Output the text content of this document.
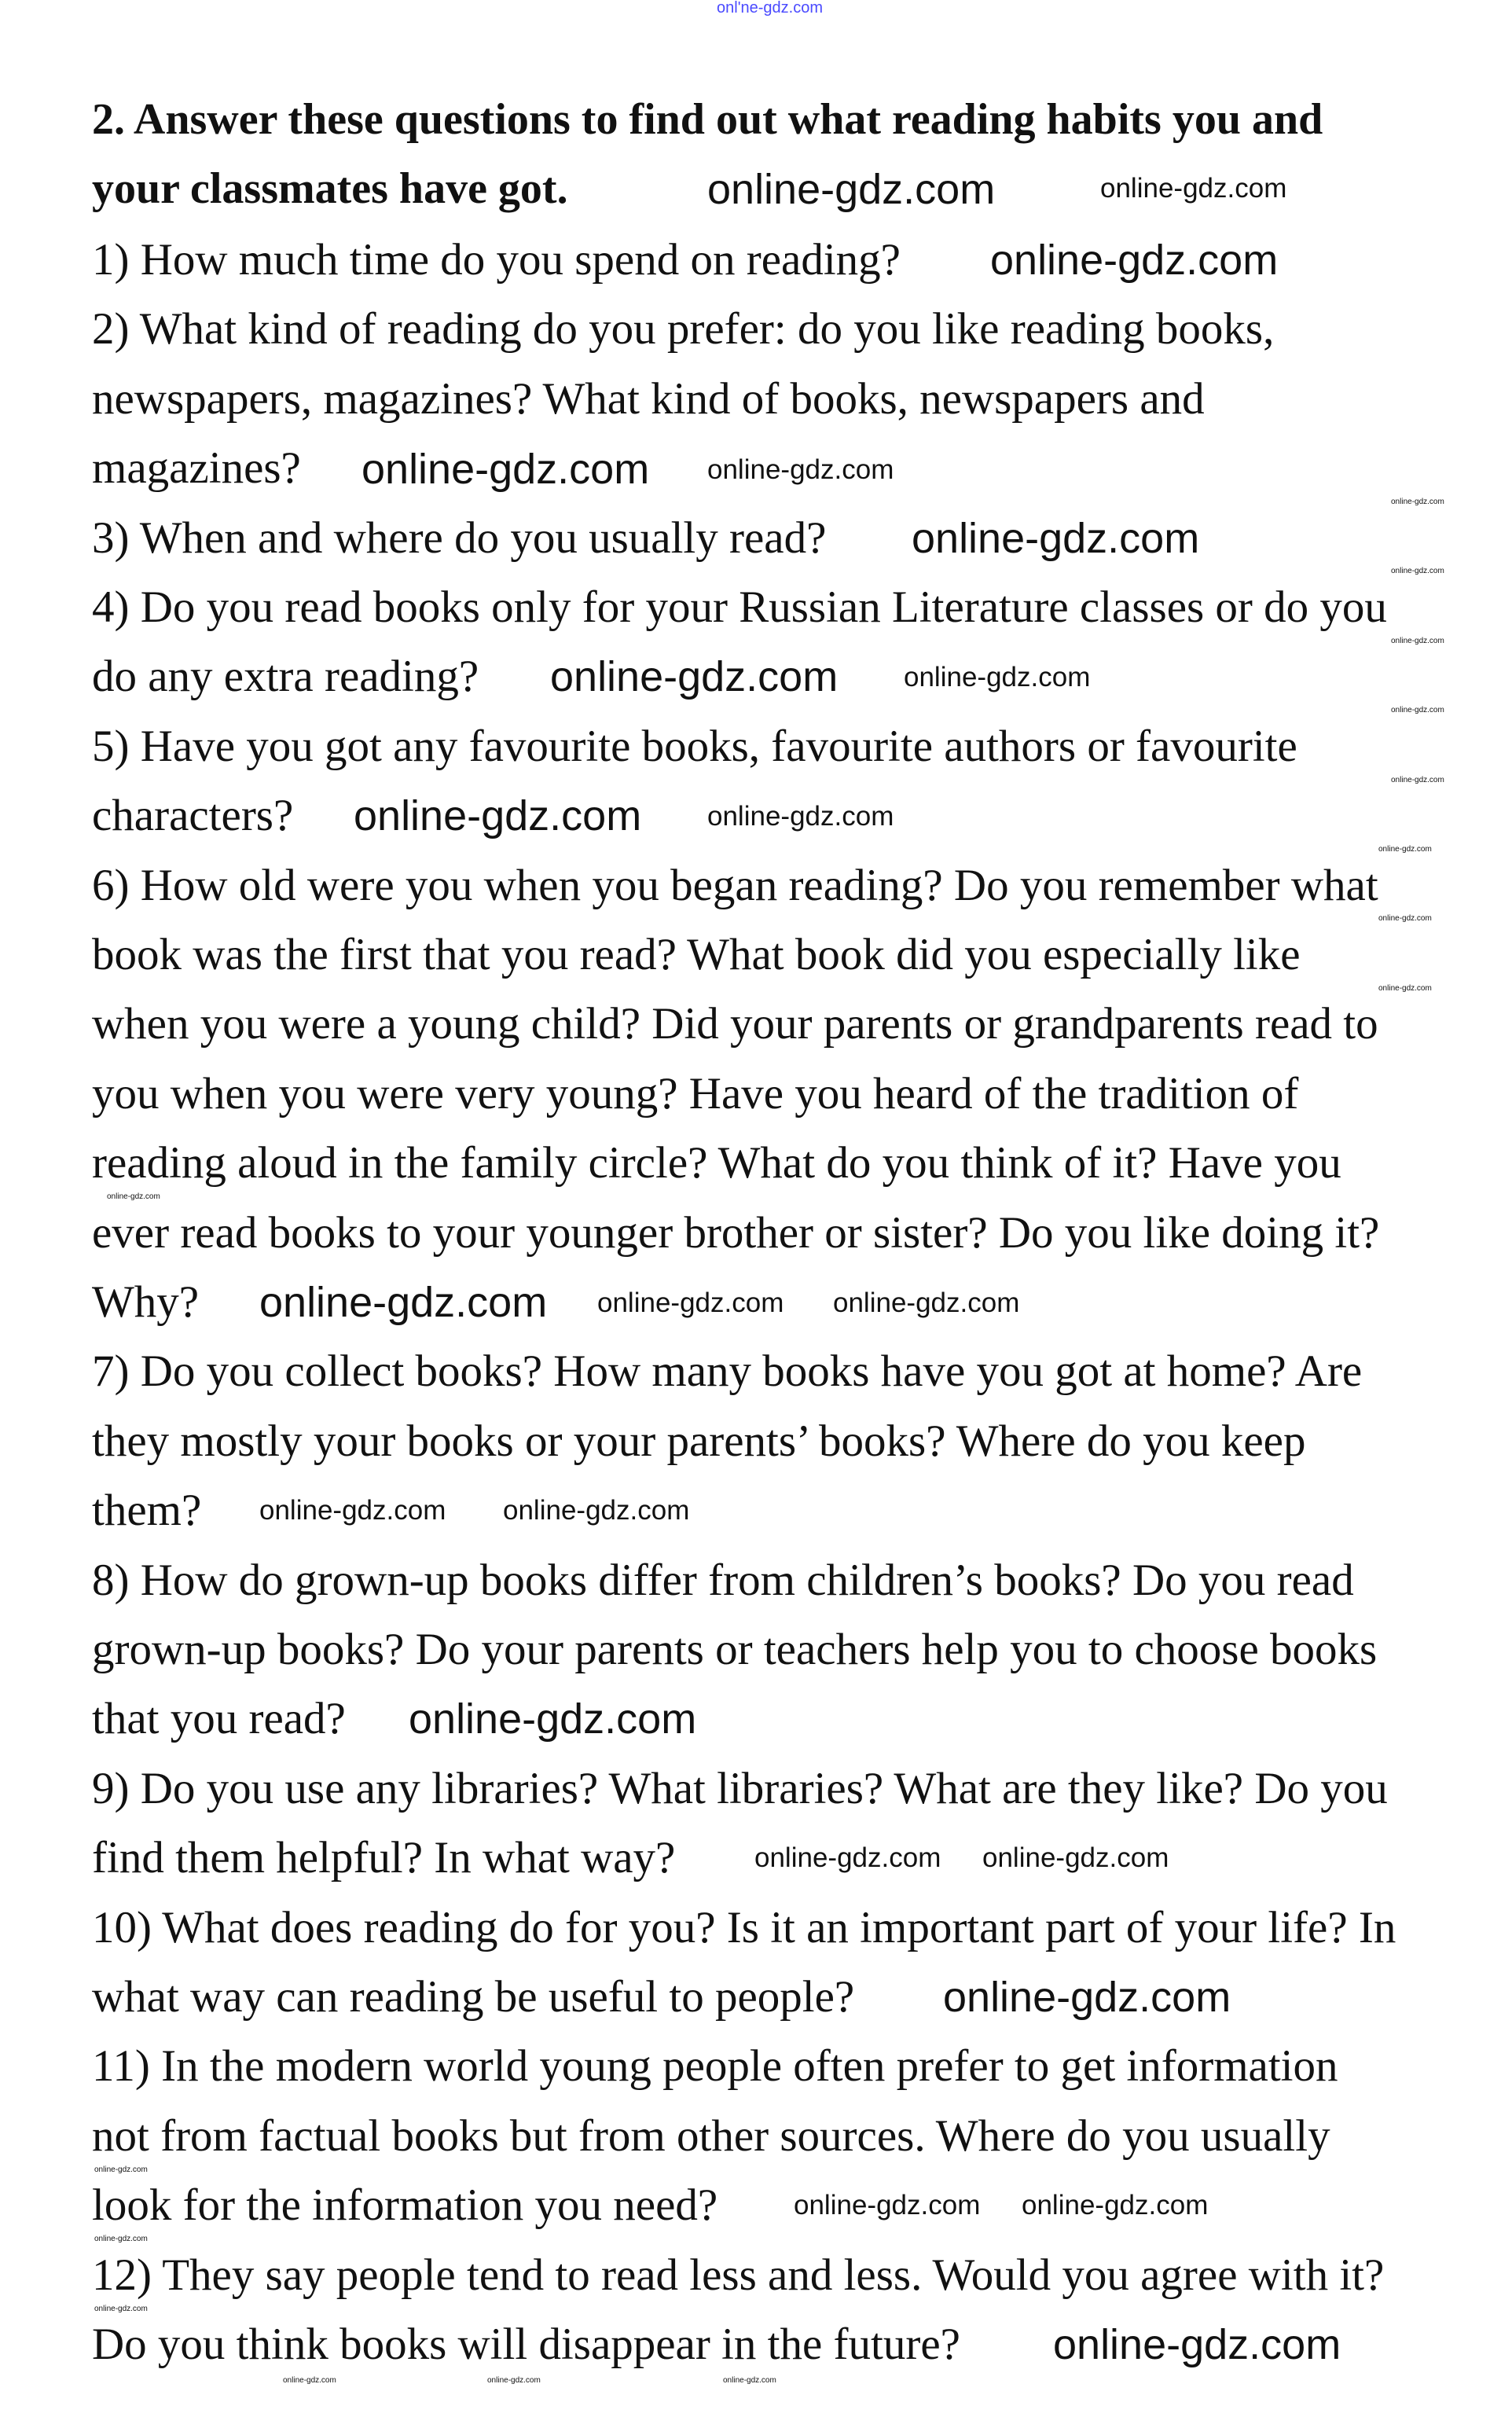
2. Answer these questions to find out what reading habits you and
your classmates have got.
1) How much time do you spend on reading?
2) What kind of reading do you prefer: do you like reading books,
newspapers, magazines? What kind of books, newspapers and
magazines?
3) When and where do you usually read?
4) Do you read books only for your Russian Literature classes or do you
do any extra reading?
5) Have you got any favourite books, favourite authors or favourite
characters?
6) How old were you when you began reading? Do you remember what
book was the first that you read? What book did you especially like
when you were a young child? Did your parents or grandparents read to
you when you were very young? Have you heard of the tradition of
reading aloud in the family circle? What do you think of it? Have you
ever read books to your younger brother or sister? Do you like doing it?
Why?
7) Do you collect books? How many books have you got at home? Are
they mostly your books or your parents’ books? Where do you keep
them?
8) How do grown-up books differ from children’s books? Do you read
grown-up books? Do your parents or teachers help you to choose books
that you read?
9) Do you use any libraries? What libraries? What are they like? Do you
find them helpful? In what way?
10) What does reading do for you? Is it an important part of your life? In
what way can reading be useful to people?
11) In the modern world young people often prefer to get information
not from factual books but from other sources. Where do you usually
look for the information you need?
12) They say people tend to read less and less. Would you agree with it?
Do you think books will disappear in the future?
onl'ne-gdz.com
online-gdz.com
online-gdz.com
online-gdz.com
online-gdz.com
online-gdz.com
online-gdz.com
online-gdz.com
online-gdz.com
online-gdz.com
online-gdz.com
online-gdz.com
online-gdz.com
online-gdz.com
online-gdz.com
online-gdz.com online-gdz.com
online-gdz.com online-gdz.com
online-gdz.com online-gdz.com
online-gdz.com online-gdz.com
online-gdz.com
online-gdz.com
online-gdz.com
online-gdz.com
online-gdz.com
online-gdz.com
online-gdz.com
online-gdz.com
online-gdz.com
online-gdz.com
online-gdz.com
online-gdz.com
online-gdz.com	online-gdz.com	online-gdz.com
